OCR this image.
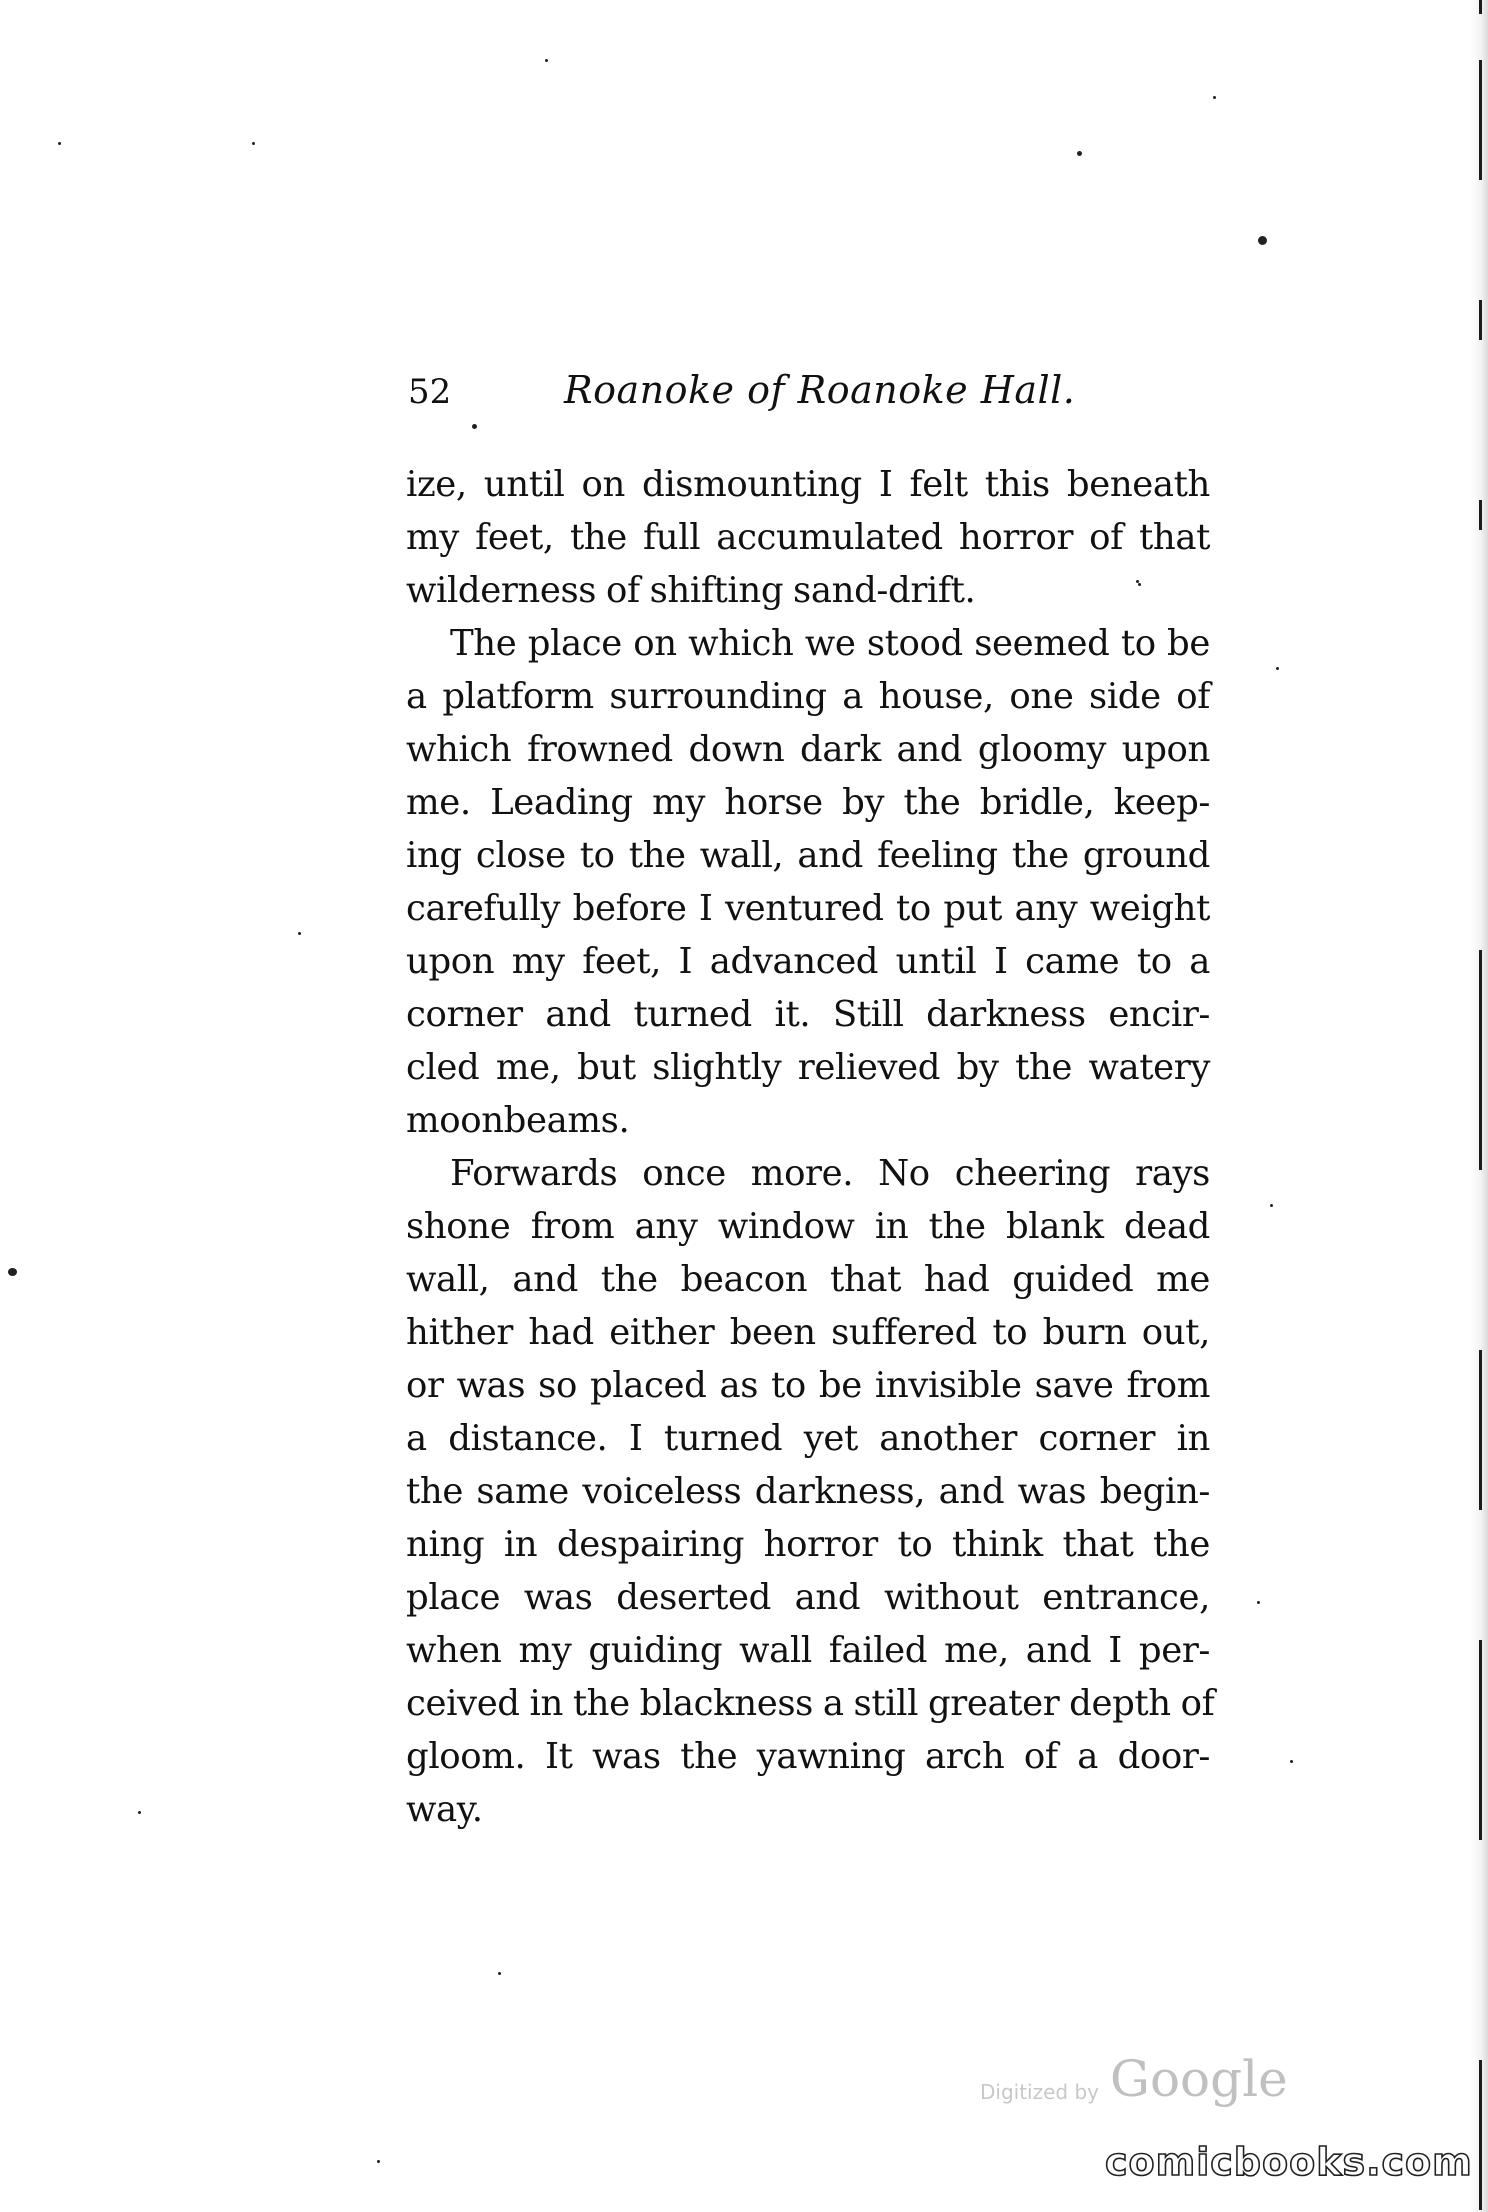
52	Roanoke of Roanoke Hall.
ize, until on dismounting I felt this beneath
my feet, the full accumulated horror of that
wilderness of shifting sand-drift.
The place on which we stood seemed to be
a platform surrounding a house, one side of
which frowned down dark and gloomy upon
me. Leading my horse by the bridle, keep-
ing close to the wall, and feeling the ground
carefully before I ventured to put any weight
upon my feet, I advanced until I came to a
corner and turned it. Still darkness encir-
cled me, but slightly relieved by the watery
moonbeams.
Forwards once more. No cheering rays
shone from any window in the blank dead
wall, and the beacon that had guided me
hither had either been suffered to burn out,
or was so placed as to be invisible save from
a distance. I turned yet another corner in
the same voiceless darkness, and was begin-
ning in despairing horror to think that the
place was deserted and without entrance,
when my guiding wall failed me, and I per-
ceived in the blackness a still greater depth of
gloom. It was the yawning arch of a door-
way.
Digitized by Google
comicbooks.com
